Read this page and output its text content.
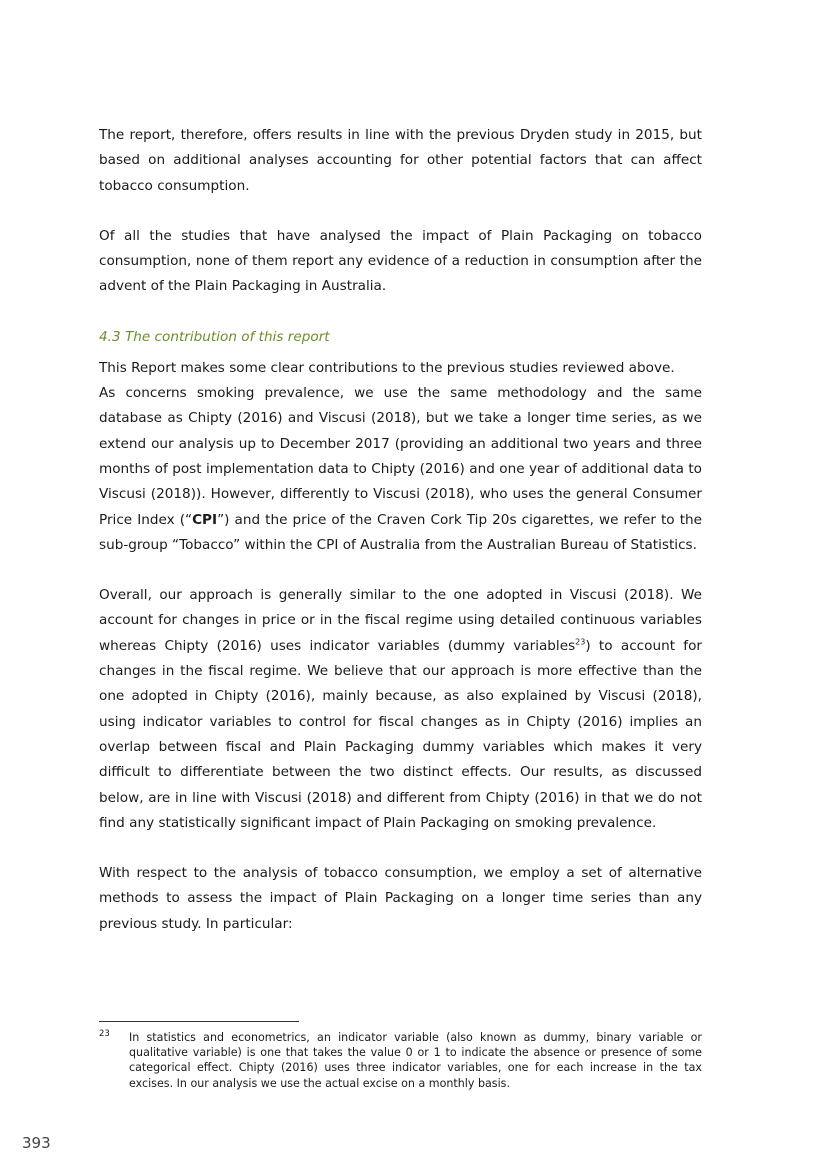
The report, therefore, offers results in line with the previous Dryden study in 2015, but based on additional analyses accounting for other potential factors that can affect tobacco consumption.

Of all the studies that have analysed the impact of Plain Packaging on tobacco consumption, none of them report any evidence of a reduction in consumption after the advent of the Plain Packaging in Australia.

4.3 The contribution of this report

This Report makes some clear contributions to the previous studies reviewed above.

As concerns smoking prevalence, we use the same methodology and the same database as Chipty (2016) and Viscusi (2018), but we take a longer time series, as we extend our analysis up to December 2017 (providing an additional two years and three months of post implementation data to Chipty (2016) and one year of additional data to Viscusi (2018)). However, differently to Viscusi (2018), who uses the general Consumer Price Index (“CPI”) and the price of the Craven Cork Tip 20s cigarettes, we refer to the sub-group “Tobacco” within the CPI of Australia from the Australian Bureau of Statistics.

Overall, our approach is generally similar to the one adopted in Viscusi (2018). We account for changes in price or in the fiscal regime using detailed continuous variables whereas Chipty (2016) uses indicator variables (dummy variables$^{23}$) to account for changes in the fiscal regime. We believe that our approach is more effective than the one adopted in Chipty (2016), mainly because, as also explained by Viscusi (2018), using indicator variables to control for fiscal changes as in Chipty (2016) implies an overlap between fiscal and Plain Packaging dummy variables which makes it very difficult to differentiate between the two distinct effects. Our results, as discussed below, are in line with Viscusi (2018) and different from Chipty (2016) in that we do not find any statistically significant impact of Plain Packaging on smoking prevalence.

With respect to the analysis of tobacco consumption, we employ a set of alternative methods to assess the impact of Plain Packaging on a longer time series than any previous study. In particular:

23 In statistics and econometrics, an indicator variable (also known as dummy, binary variable or qualitative variable) is one that takes the value 0 or 1 to indicate the absence or presence of some categorical effect. Chipty (2016) uses three indicator variables, one for each increase in the tax excises. In our analysis we use the actual excise on a monthly basis.
393
